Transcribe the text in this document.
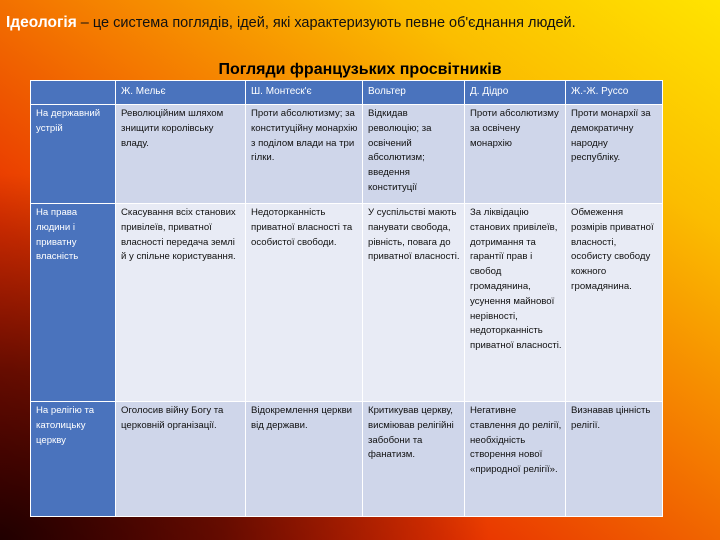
Ідеологія – це система поглядів, ідей, які характеризують певне об'єднання людей.
Погляди французьких просвітників
	Ж. Мельє	Ш. Монтеск'є	Вольтер	Д. Дідро	Ж.-Ж. Руссо
На державний устрій	Революційним шляхом знищити королівську владу.	Проти абсолютизму; за конституційну монархію з поділом влади на три гілки.	Відкидав революцію; за освічений абсолютизм; введення конституції	Проти абсолютизму за освічену монархію	Проти монархії за демократичну народну республіку.
На права людини і приватну власність	Скасування всіх станових привілеїв, приватної власності передача землі й у спільне користування.	Недоторканність приватної власності та особистої свободи.	У суспільстві мають панувати свобода, рівність, повага до приватної власності.	За ліквідацію станових привілеїв, дотримання та гарантії прав і свобод громадянина, усунення майнової нерівності, недоторканність приватної власності.	Обмеження розмірів приватної власності, особисту свободу кожного громадянина.
На релігію та католицьку церкву	Оголосив війну Богу та церковній організації.	Відокремлення церкви від держави.	Критикував церкву, висміював релігійні забобони та фанатизм.	Негативне ставлення до релігії, необхідність створення нової «природної релігії».	Визнавав цінність релігії.
